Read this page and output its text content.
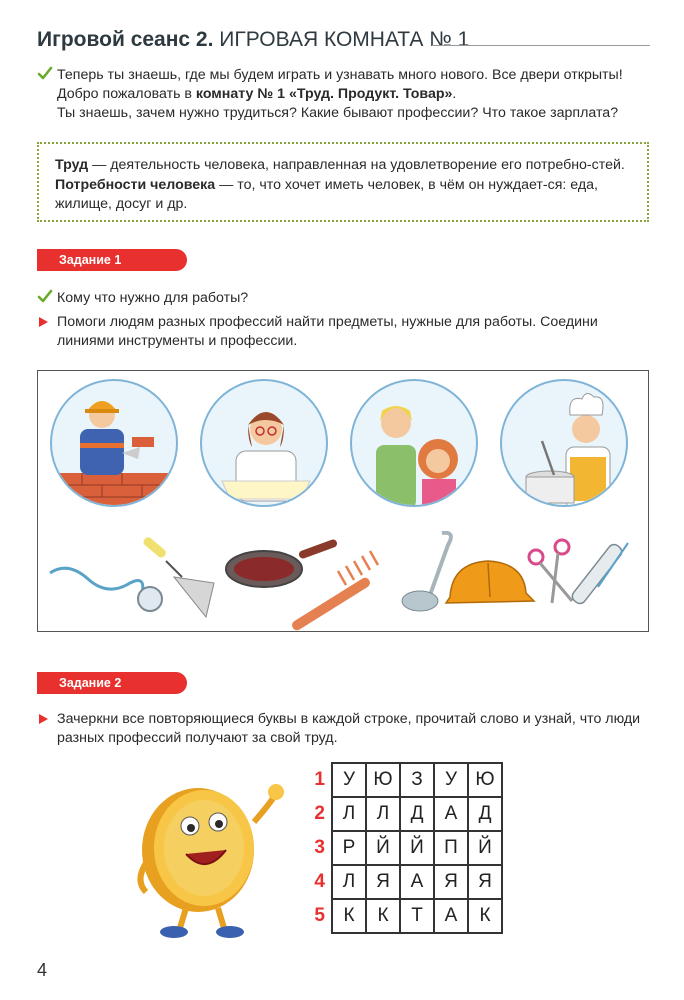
Игровой сеанс 2. ИГРОВАЯ КОМНАТА № 1
Теперь ты знаешь, где мы будем играть и узнавать много нового. Все двери открыты!
Добро пожаловать в комнату № 1 «Труд. Продукт. Товар».
Ты знаешь, зачем нужно трудиться? Какие бывают профессии? Что такое зарплата?
Труд — деятельность человека, направленная на удовлетворение его потребно-стей. Потребности человека — то, что хочет иметь человек, в чём он нуждает-ся: еда, жилище, досуг и др.
Задание 1
Кому что нужно для работы?
Помоги людям разных профессий найти предметы, нужные для работы. Соедини линиями инструменты и профессии.
Задание 2
Зачеркни все повторяющиеся буквы в каждой строке, прочитай слово и узнай, что люди разных профессий получают за свой труд.
1	У	Ю	З	У	Ю
2	Л	Л	Д	А	Д
3	Р	Й	Й	П	Й
4	Л	Я	А	Я	Я
5	К	К	Т	А	К
4
